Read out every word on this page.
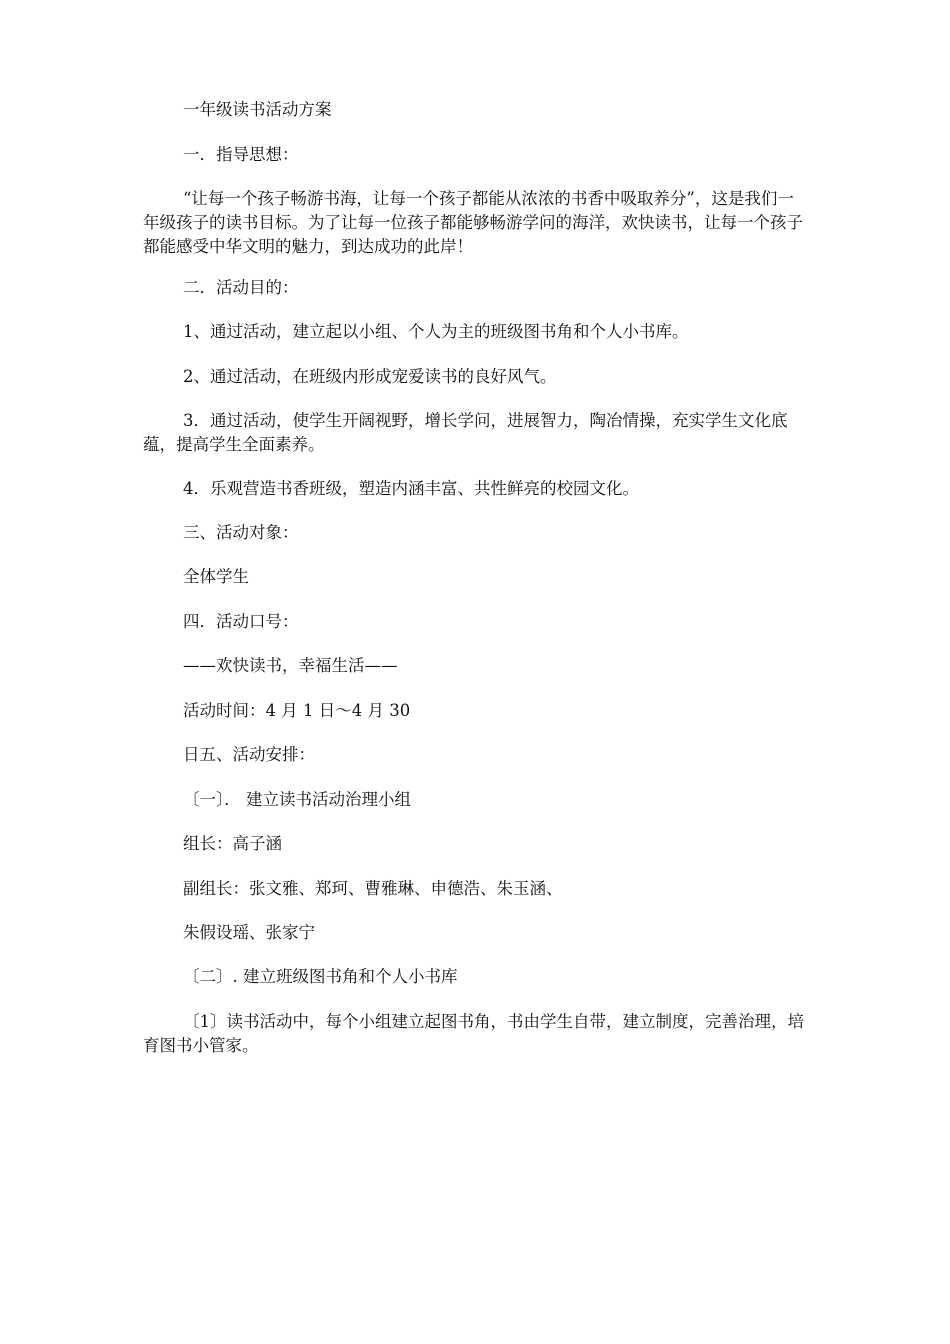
一年级读书活动方案
一．指导思想：
“让每一个孩子畅游书海，让每一个孩子都能从浓浓的书香中吸取养分”，这是我们一年级孩子的读书目标。为了让每一位孩子都能够畅游学问的海洋，欢快读书，让每一个孩子都能感受中华文明的魅力，到达成功的此岸！
二．活动目的：
1、通过活动，建立起以小组、个人为主的班级图书角和个人小书库。
2、通过活动，在班级内形成宠爱读书的良好风气。
3．通过活动，使学生开阔视野，增长学问，进展智力，陶冶情操，充实学生文化底蕴，提高学生全面素养。
4．乐观营造书香班级，塑造内涵丰富、共性鲜亮的校园文化。
三、活动对象：
全体学生
四．活动口号：
——欢快读书，幸福生活——
活动时间：4 月 1 日～4 月 30
日五、活动安排：
〔一〕． 建立读书活动治理小组
组长：高子涵
副组长：张文雅、郑珂、曹雅琳、申德浩、朱玉涵、
朱假设瑶、张家宁
〔二〕. 建立班级图书角和个人小书库
〔1〕读书活动中，每个小组建立起图书角，书由学生自带，建立制度，完善治理，培育图书小管家。
